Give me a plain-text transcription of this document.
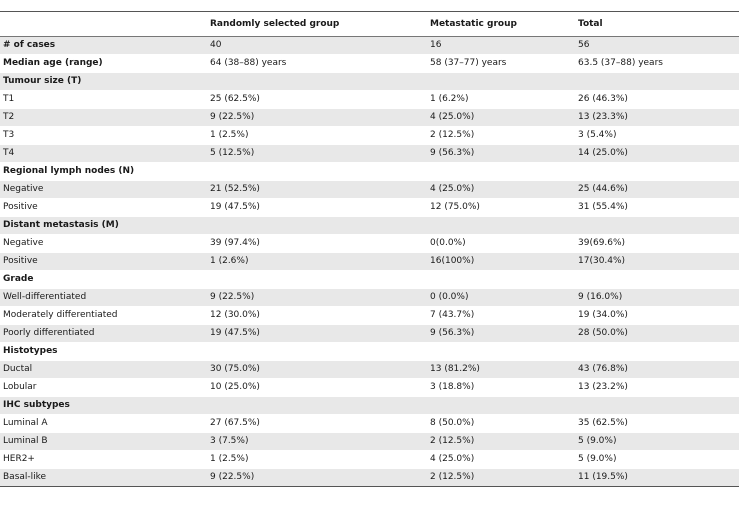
	Randomly selected group	Metastatic group	Total
# of cases	40	16	56
Median age (range)	64 (38–88) years	58 (37–77) years	63.5 (37–88) years
Tumour size (T)			
T1	25 (62.5%)	1 (6.2%)	26 (46.3%)
T2	9 (22.5%)	4 (25.0%)	13 (23.3%)
T3	1 (2.5%)	2 (12.5%)	3 (5.4%)
T4	5 (12.5%)	9 (56.3%)	14 (25.0%)
Regional lymph nodes (N)			
Negative	21 (52.5%)	4 (25.0%)	25 (44.6%)
Positive	19 (47.5%)	12 (75.0%)	31 (55.4%)
Distant metastasis (M)			
Negative	39 (97.4%)	0(0.0%)	39(69.6%)
Positive	1 (2.6%)	16(100%)	17(30.4%)
Grade			
Well-differentiated	9 (22.5%)	0 (0.0%)	9 (16.0%)
Moderately differentiated	12 (30.0%)	7 (43.7%)	19 (34.0%)
Poorly differentiated	19 (47.5%)	9 (56.3%)	28 (50.0%)
Histotypes			
Ductal	30 (75.0%)	13 (81.2%)	43 (76.8%)
Lobular	10 (25.0%)	3 (18.8%)	13 (23.2%)
IHC subtypes			
Luminal A	27 (67.5%)	8 (50.0%)	35 (62.5%)
Luminal B	3 (7.5%)	2 (12.5%)	5 (9.0%)
HER2+	1 (2.5%)	4 (25.0%)	5 (9.0%)
Basal-like	9 (22.5%)	2 (12.5%)	11 (19.5%)
